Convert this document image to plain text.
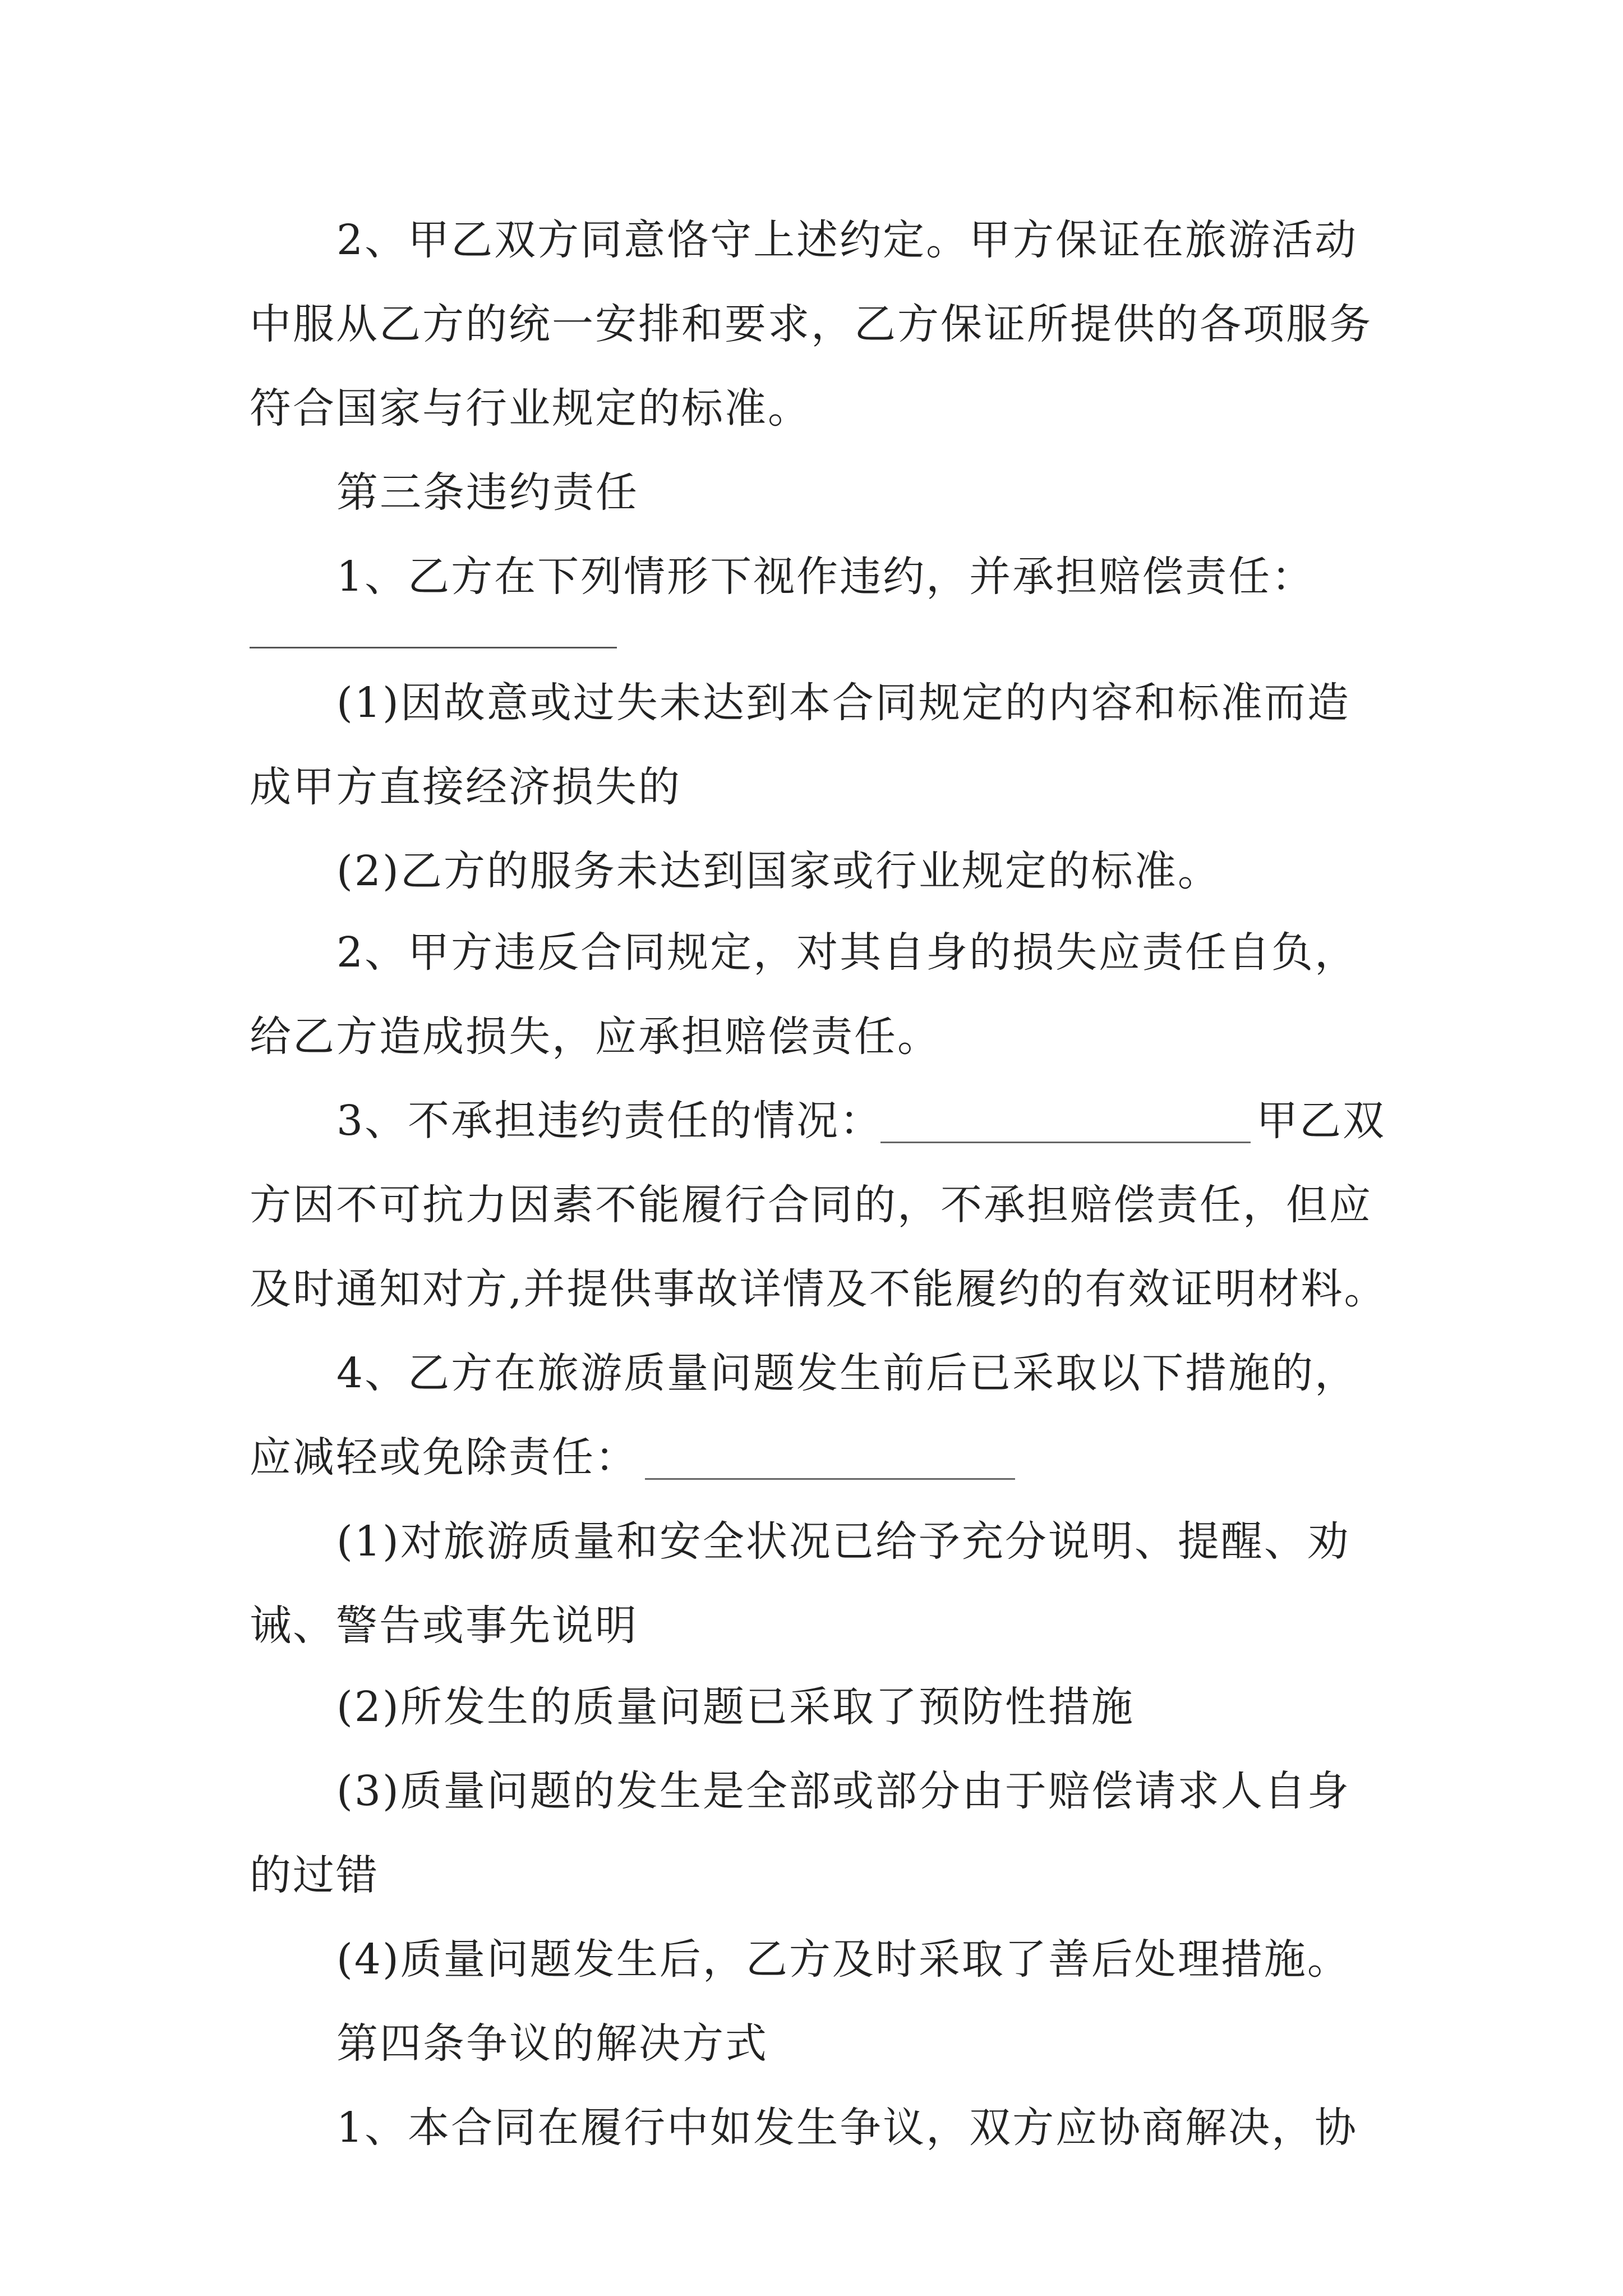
2、甲乙双方同意恪守上述约定。甲方保证在旅游活动
中服从乙方的统一安排和要求，乙方保证所提供的各项服务
符合国家与行业规定的标准。
第三条违约责任
1、乙方在下列情形下视作违约，并承担赔偿责任：
(1)因故意或过失未达到本合同规定的内容和标准而造
成甲方直接经济损失的
(2)乙方的服务未达到国家或行业规定的标准。
2、甲方违反合同规定，对其自身的损失应责任自负，
给乙方造成损失，应承担赔偿责任。
3、不承担违约责任的情况：	甲乙双
方因不可抗力因素不能履行合同的，不承担赔偿责任，但应
及时通知对方,并提供事故详情及不能履约的有效证明材料。
4、乙方在旅游质量问题发生前后已采取以下措施的，
应减轻或免除责任：
(1)对旅游质量和安全状况已给予充分说明、提醒、劝
诫、警告或事先说明
(2)所发生的质量问题已采取了预防性措施
(3)质量问题的发生是全部或部分由于赔偿请求人自身
的过错
(4)质量问题发生后，乙方及时采取了善后处理措施。
第四条争议的解决方式
1、本合同在履行中如发生争议，双方应协商解决，协
